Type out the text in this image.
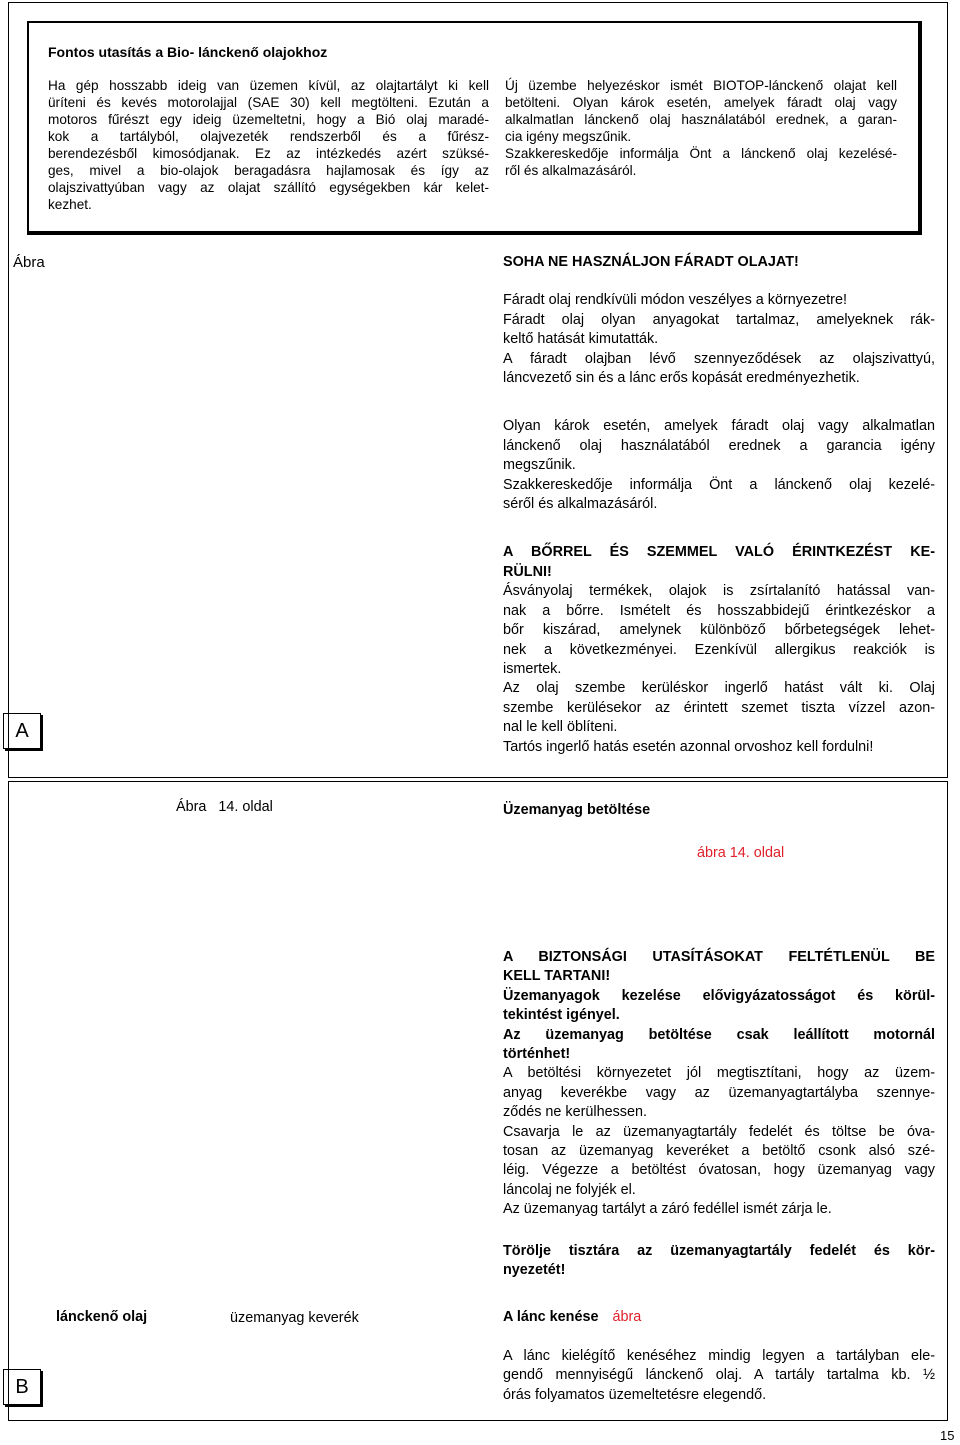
Fontos utasítás a Bio- lánckenő olajokhoz

Ha gép hosszabb ideig van üzemen kívül, az olajtartályt ki kell

üríteni és kevés motorolajjal (SAE 30) kell megtölteni. Ezután a

motoros fűrészt egy ideig üzemeltetni, hogy a Bió olaj maradé-

kok a tartályból, olajvezeték rendszerből és a fűrész-

berendezésből kimosódjanak. Ez az intézkedés azért szüksé-

ges, mivel a bio-olajok beragadásra hajlamosak és így az

olajszivattyúban vagy az olajat szállító egységekben kár kelet-

kezhet.

Új üzembe helyezéskor ismét BIOTOP-lánckenő olajat kell

betölteni. Olyan károk esetén, amelyek fáradt olaj vagy

alkalmatlan lánckenő olaj használatából erednek, a garan-

cia igény megszűnik.

Szakkereskedője informálja Önt a lánckenő olaj kezelésé-

ről és alkalmazásáról.

Ábra	SOHA NE HASZNÁLJON FÁRADT OLAJAT!

Fáradt olaj rendkívüli módon veszélyes a környezetre!

Fáradt olaj olyan anyagokat tartalmaz, amelyeknek rák-

keltő hatását kimutatták.

A fáradt olajban lévő szennyeződések az olajszivattyú,

láncvezető sin és a lánc erős kopását eredményezhetik.

Olyan károk esetén, amelyek fáradt olaj vagy alkalmatlan

lánckenő olaj használatából erednek a garancia igény

megszűnik.

Szakkereskedője informálja Önt a lánckenő olaj kezelé-

séről és alkalmazásáról.

A BŐRREL ÉS SZEMMEL VALÓ ÉRINTKEZÉST KE-

RÜLNI!

Ásványolaj termékek, olajok is zsírtalanító hatással van-

nak a bőrre. Ismételt és hosszabbidejű érintkezéskor a

bőr kiszárad, amelynek különböző bőrbetegségek lehet-

nek a következményei. Ezenkívül allergikus reakciók is

ismertek.

Az olaj szembe kerüléskor ingerlő hatást vált ki. Olaj

szembe kerülésekor az érintett szemet tiszta vízzel azon-

nal le kell öblíteni.

Tartós ingerlő hatás esetén azonnal orvoshoz kell fordulni!

A
Ábra   14. oldal	Üzemanyag betöltése
ábra 14. oldal

A BIZTONSÁGI UTASÍTÁSOKAT FELTÉTLENÜL BE

KELL TARTANI!

Üzemanyagok kezelése elővigyázatosságot és körül-

tekintést igényel.

Az üzemanyag betöltése csak leállított motornál

történhet!

A betöltési környezetet jól megtisztítani, hogy az üzem-

anyag keverékbe vagy az üzemanyagtartályba szennye-

ződés ne kerülhessen.

Csavarja le az üzemanyagtartály fedelét és töltse be óva-

tosan az üzemanyag keveréket a betöltő csonk alsó szé-

léig. Végezze a betöltést óvatosan, hogy üzemanyag vagy

láncolaj ne folyjék el.

Az üzemanyag tartályt a záró fedéllel ismét zárja le.

Törölje tisztára az üzemanyagtartály fedelét és kör-

nyezetét!

lánckenő olaj	üzemanyag keverék	A lánc kenése ábra

A lánc kielégítő kenéséhez mindig legyen a tartályban ele-

gendő mennyiségű lánckenő olaj. A tartály tartalma kb. ½

órás folyamatos üzemeltetésre elegendő.

B
15
